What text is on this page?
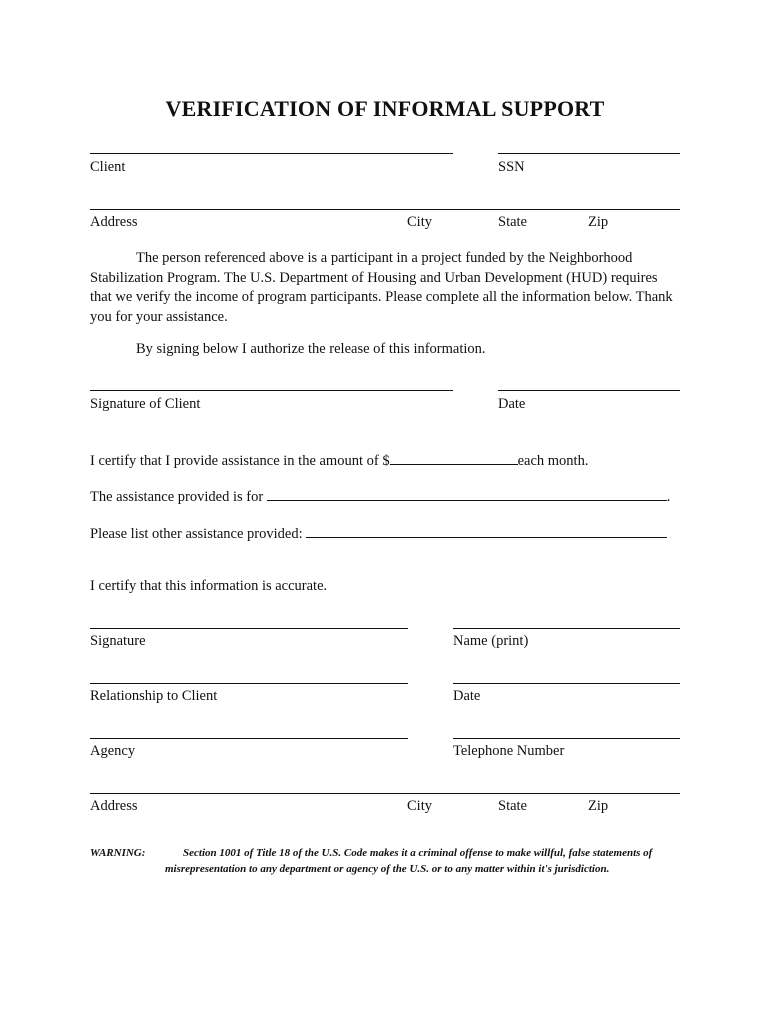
VERIFICATION OF INFORMAL SUPPORT
Client	SSN
Address	City	State	Zip
The person referenced above is a participant in a project funded by the Neighborhood Stabilization Program. The U.S. Department of Housing and Urban Development (HUD) requires that we verify the income of program participants. Please complete all the information below. Thank you for your assistance.
By signing below I authorize the release of this information.
Signature of Client	Date
I certify that I provide assistance in the amount of $	each month.
The assistance provided is for	.
Please list other assistance provided:
I certify that this information is accurate.
Signature	Name (print)
Relationship to Client	Date
Agency	Telephone Number
Address	City	State	Zip
WARNING:	Section 1001 of Title 18 of the U.S. Code makes it a criminal offense to make willful, false statements of misrepresentation to any department or agency of the U.S. or to any matter within it's jurisdiction.
